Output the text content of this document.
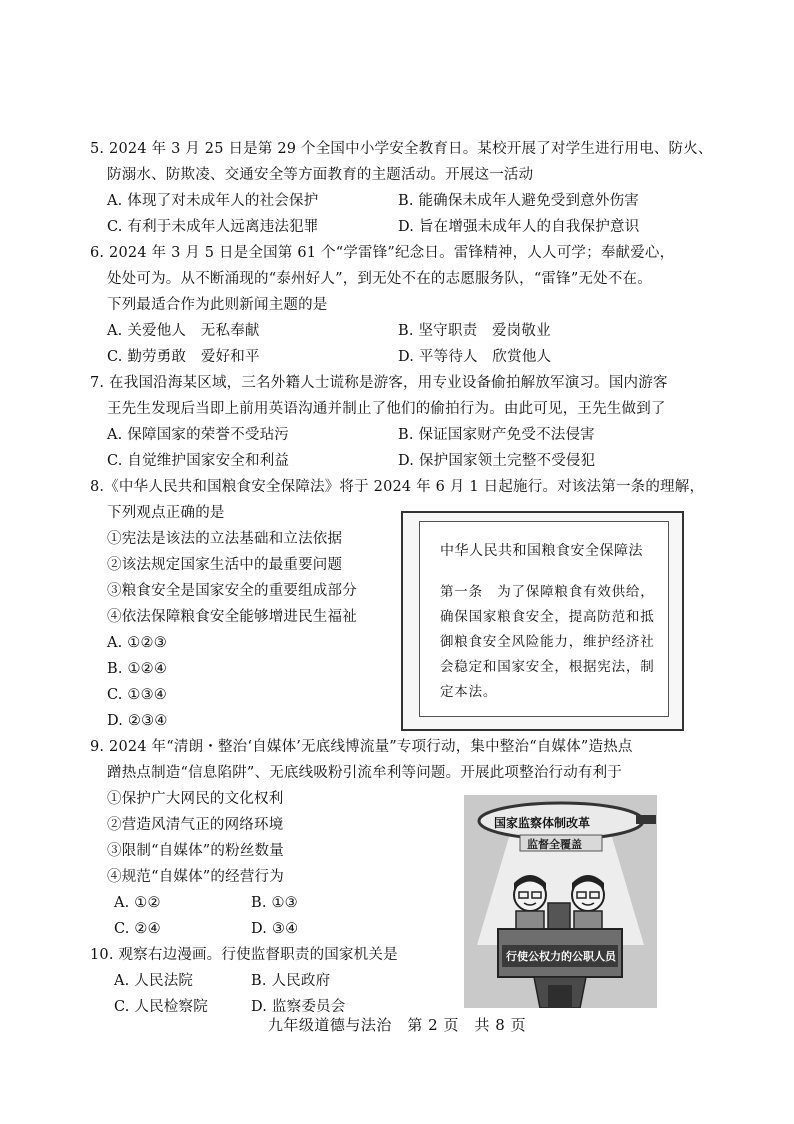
5. 2024 年 3 月 25 日是第 29 个全国中小学安全教育日。某校开展了对学生进行用电、防火、
防溺水、防欺凌、交通安全等方面教育的主题活动。开展这一活动
A. 体现了对未成年人的社会保护	B. 能确保未成年人避免受到意外伤害
C. 有利于未成年人远离违法犯罪	D. 旨在增强未成年人的自我保护意识
6. 2024 年 3 月 5 日是全国第 61 个“学雷锋”纪念日。雷锋精神，人人可学；奉献爱心，
处处可为。从不断涌现的“泰州好人”，到无处不在的志愿服务队，“雷锋”无处不在。
下列最适合作为此则新闻主题的是
A. 关爱他人　无私奉献	B. 坚守职责　爱岗敬业
C. 勤劳勇敢　爱好和平	D. 平等待人　欣赏他人
7. 在我国沿海某区域，三名外籍人士谎称是游客，用专业设备偷拍解放军演习。国内游客
王先生发现后当即上前用英语沟通并制止了他们的偷拍行为。由此可见，王先生做到了
A. 保障国家的荣誉不受玷污	B. 保证国家财产免受不法侵害
C. 自觉维护国家安全和利益	D. 保护国家领土完整不受侵犯
8.《中华人民共和国粮食安全保障法》将于 2024 年 6 月 1 日起施行。对该法第一条的理解，
下列观点正确的是
①宪法是该法的立法基础和立法依据
②该法规定国家生活中的最重要问题
③粮食安全是国家安全的重要组成部分
④依法保障粮食安全能够增进民生福祉
A. ①②③
B. ①②④
C. ①③④
D. ②③④
中华人民共和国粮食安全保障法
第一条　为了保障粮食有效供给，确保国家粮食安全，提高防范和抵御粮食安全风险能力，维护经济社会稳定和国家安全，根据宪法，制定本法。
9. 2024 年“清朗・整治‘自媒体’无底线博流量”专项行动，集中整治“自媒体”造热点
蹭热点制造“信息陷阱”、无底线吸粉引流牟利等问题。开展此项整治行动有利于
①保护广大网民的文化权利
②营造风清气正的网络环境
③限制“自媒体”的粉丝数量
④规范“自媒体”的经营行为
A. ①②	B. ①③
C. ②④	D. ③④
10. 观察右边漫画。行使监督职责的国家机关是
A. 人民法院	B. 人民政府
C. 人民检察院	D. 监察委员会
国家监察体制改革
监督全覆盖
行使公权力的公职人员
九年级道德与法治　第 2 页　共 8 页
